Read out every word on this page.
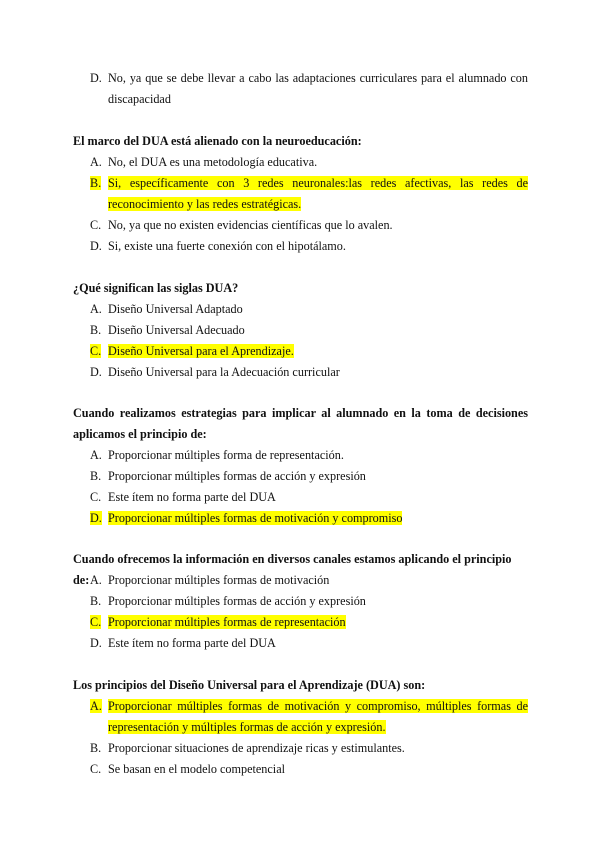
D. No, ya que se debe llevar a cabo las adaptaciones curriculares para el alumnado con discapacidad
El marco del DUA está alienado con la neuroeducación:
A. No, el DUA es una metodología educativa.
B. Si, específicamente con 3 redes neuronales:las redes afectivas, las redes de reconocimiento y las redes estratégicas.
C. No, ya que no existen evidencias científicas que lo avalen.
D. Si, existe una fuerte conexión con el hipotálamo.
¿Qué significan las siglas DUA?
A. Diseño Universal Adaptado
B. Diseño Universal Adecuado
C. Diseño Universal para el Aprendizaje.
D. Diseño Universal para la Adecuación curricular
Cuando realizamos estrategias para implicar al alumnado en la toma de decisiones aplicamos el principio de:
A. Proporcionar múltiples forma de representación.
B. Proporcionar múltiples formas de acción y expresión
C. Este ítem no forma parte del DUA
D. Proporcionar múltiples formas de motivación y compromiso
Cuando ofrecemos la información en diversos canales estamos aplicando el principio de: A. Proporcionar múltiples formas de motivación
B. Proporcionar múltiples formas de acción y expresión
C. Proporcionar múltiples formas de representación
D. Este ítem no forma parte del DUA
Los principios del Diseño Universal para el Aprendizaje (DUA) son:
A. Proporcionar múltiples formas de motivación y compromiso, múltiples formas de representación y múltiples formas de acción y expresión.
B. Proporcionar situaciones de aprendizaje ricas y estimulantes.
C. Se basan en el modelo competencial
